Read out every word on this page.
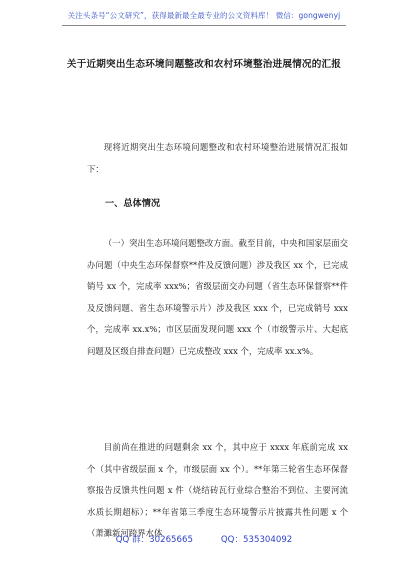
关注头条号“公文研究”，获得最新最全最专业的公文资料库！ 微信：gongwenyj
关于近期突出生态环境问题整改和农村环境整治进展情况的汇报
现将近期突出生态环境问题整改和农村环境整治进展情况汇报如下：
一、总体情况
（一）突出生态环境问题整改方面。截至目前，中央和国家层面交办问题（中央生态环保督察**件及反馈问题）涉及我区 xx 个，已完成销号 xx 个，完成率 xxx%；省级层面交办问题（省生态环保督察**件及反馈问题、省生态环境警示片）涉及我区 xxx 个，已完成销号 xxx 个，完成率 xx.x%；市区层面发现问题 xxx 个（市级警示片、大起底问题及区级自排查问题）已完成整改 xxx 个，完成率 xx.x%。
目前尚在推进的问题剩余 xx 个，其中应于 xxxx 年底前完成 xx 个（其中省级层面 x 个，市级层面 xx 个）。**年第三轮省生态环保督察报告反馈共性问题 x 件（烧结砖瓦行业综合整治不到位、主要河流水质长期超标）；**年省第三季度生态环境警示片披露共性问题 x 个（萧濉新河跨界水体
QQ 群：30265665	QQ：535304092
